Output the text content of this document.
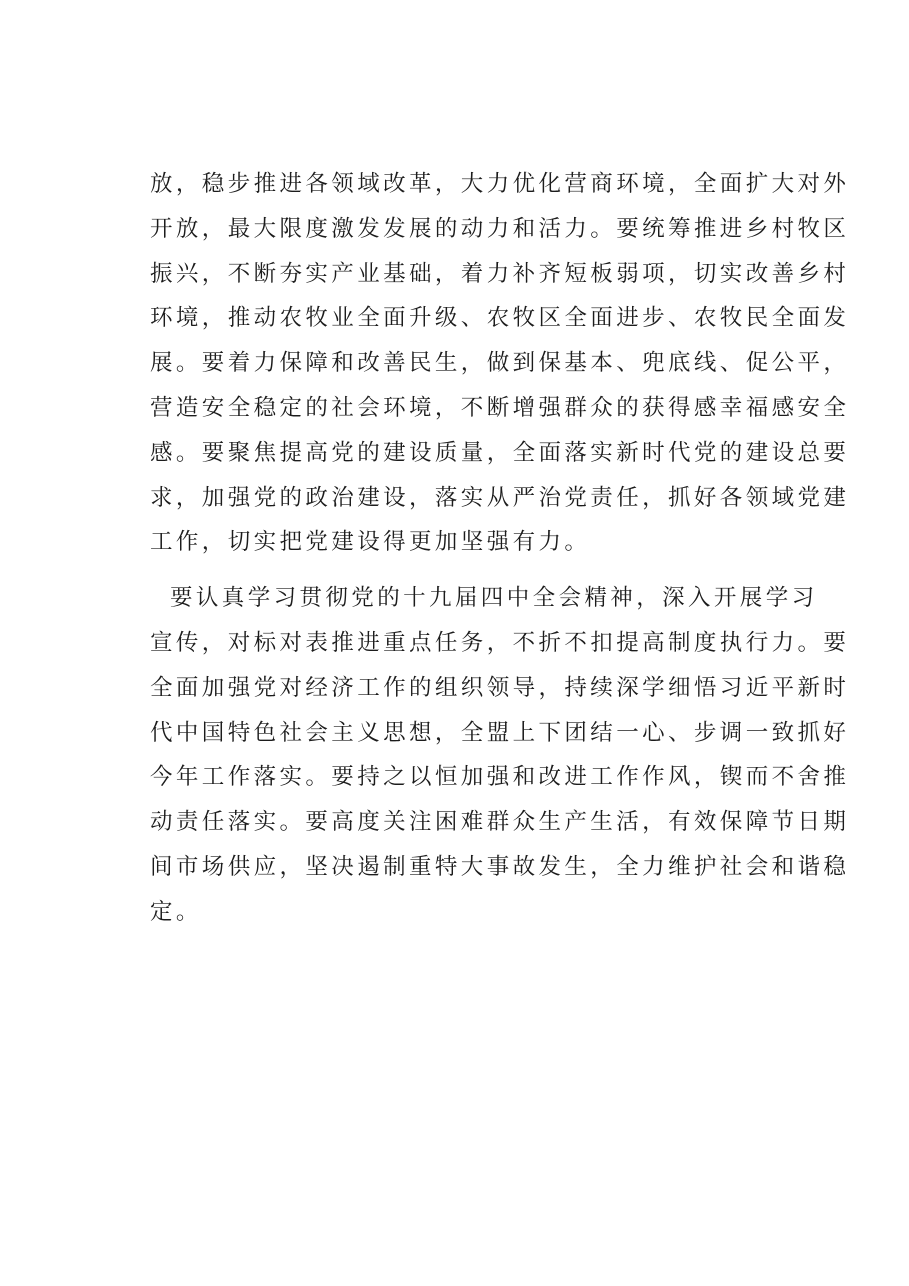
放，稳步推进各领域改革，大力优化营商环境，全面扩大对外
开放，最大限度激发发展的动力和活力。要统筹推进乡村牧区
振兴，不断夯实产业基础，着力补齐短板弱项，切实改善乡村
环境，推动农牧业全面升级、农牧区全面进步、农牧民全面发
展。要着力保障和改善民生，做到保基本、兜底线、促公平，
营造安全稳定的社会环境，不断增强群众的获得感幸福感安全
感。要聚焦提高党的建设质量，全面落实新时代党的建设总要
求，加强党的政治建设，落实从严治党责任，抓好各领域党建
工作，切实把党建设得更加坚强有力。
要认真学习贯彻党的十九届四中全会精神，深入开展学习
宣传，对标对表推进重点任务，不折不扣提高制度执行力。要
全面加强党对经济工作的组织领导，持续深学细悟习近平新时
代中国特色社会主义思想，全盟上下团结一心、步调一致抓好
今年工作落实。要持之以恒加强和改进工作作风，锲而不舍推
动责任落实。要高度关注困难群众生产生活，有效保障节日期
间市场供应，坚决遏制重特大事故发生，全力维护社会和谐稳
定。
